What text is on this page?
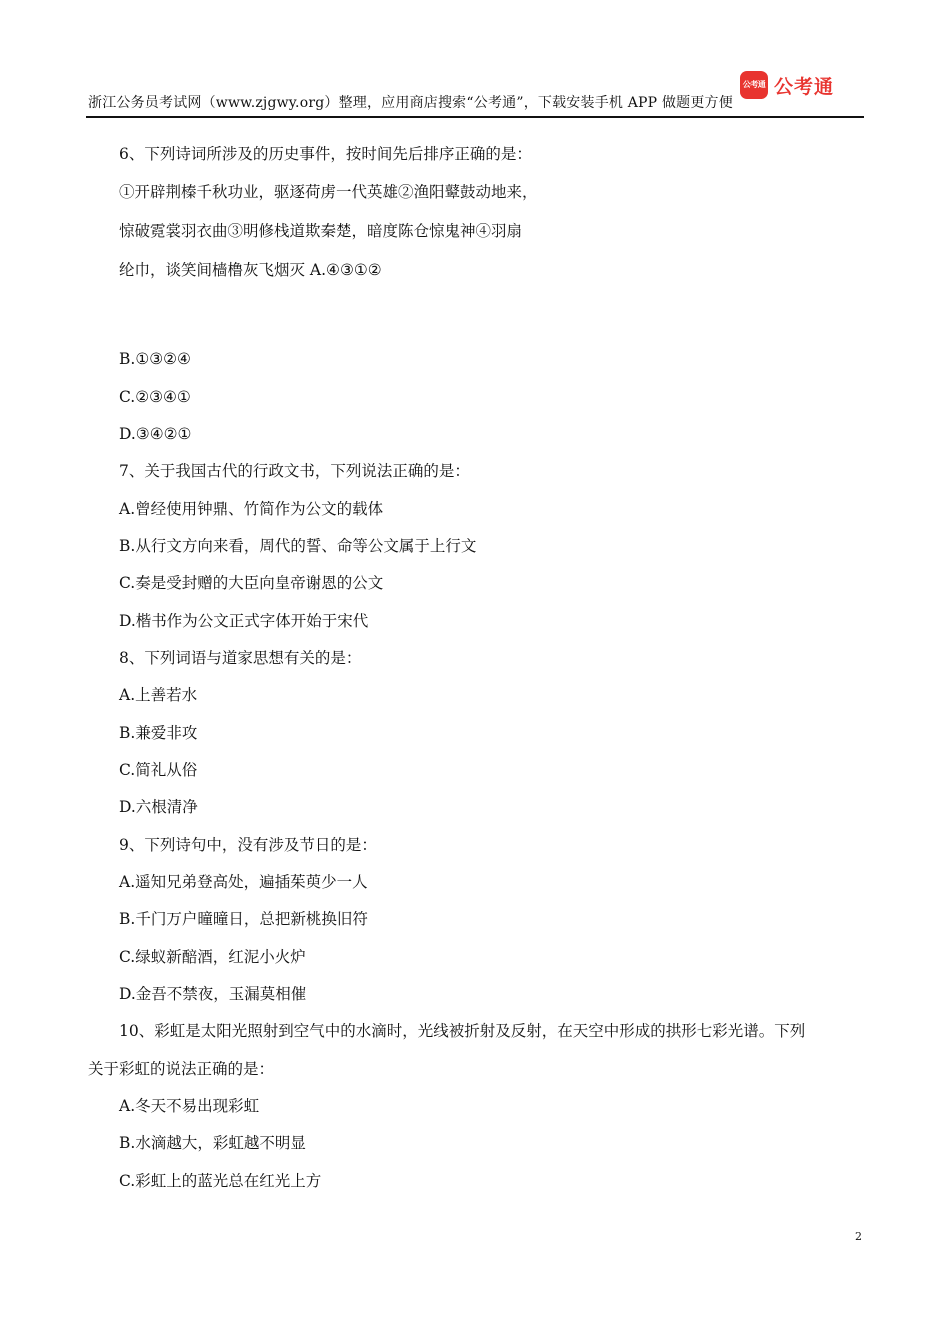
浙江公务员考试网（www.zjgwy.org）整理，应用商店搜索“公考通”，下载安装手机 APP 做题更方便
公考通 公考通
6、下列诗词所涉及的历史事件，按时间先后排序正确的是：
①开辟荆榛千秋功业，驱逐荷虏一代英雄②渔阳鼙鼓动地来，
惊破霓裳羽衣曲③明修栈道欺秦楚，暗度陈仓惊鬼神④羽扇
纶巾，谈笑间樯橹灰飞烟灭 A.④③①②
B.①③②④
C.②③④①
D.③④②①
7、关于我国古代的行政文书，下列说法正确的是：
A.曾经使用钟鼎、竹简作为公文的载体
B.从行文方向来看，周代的誓、命等公文属于上行文
C.奏是受封赠的大臣向皇帝谢恩的公文
D.楷书作为公文正式字体开始于宋代
8、下列词语与道家思想有关的是：
A.上善若水
B.兼爱非攻
C.简礼从俗
D.六根清净
9、下列诗句中，没有涉及节日的是：
A.遥知兄弟登高处，遍插茱萸少一人
B.千门万户曈曈日，总把新桃换旧符
C.绿蚁新醅酒，红泥小火炉
D.金吾不禁夜，玉漏莫相催
10、彩虹是太阳光照射到空气中的水滴时，光线被折射及反射，在天空中形成的拱形七彩光谱。下列
关于彩虹的说法正确的是：
A.冬天不易出现彩虹
B.水滴越大，彩虹越不明显
C.彩虹上的蓝光总在红光上方
2
